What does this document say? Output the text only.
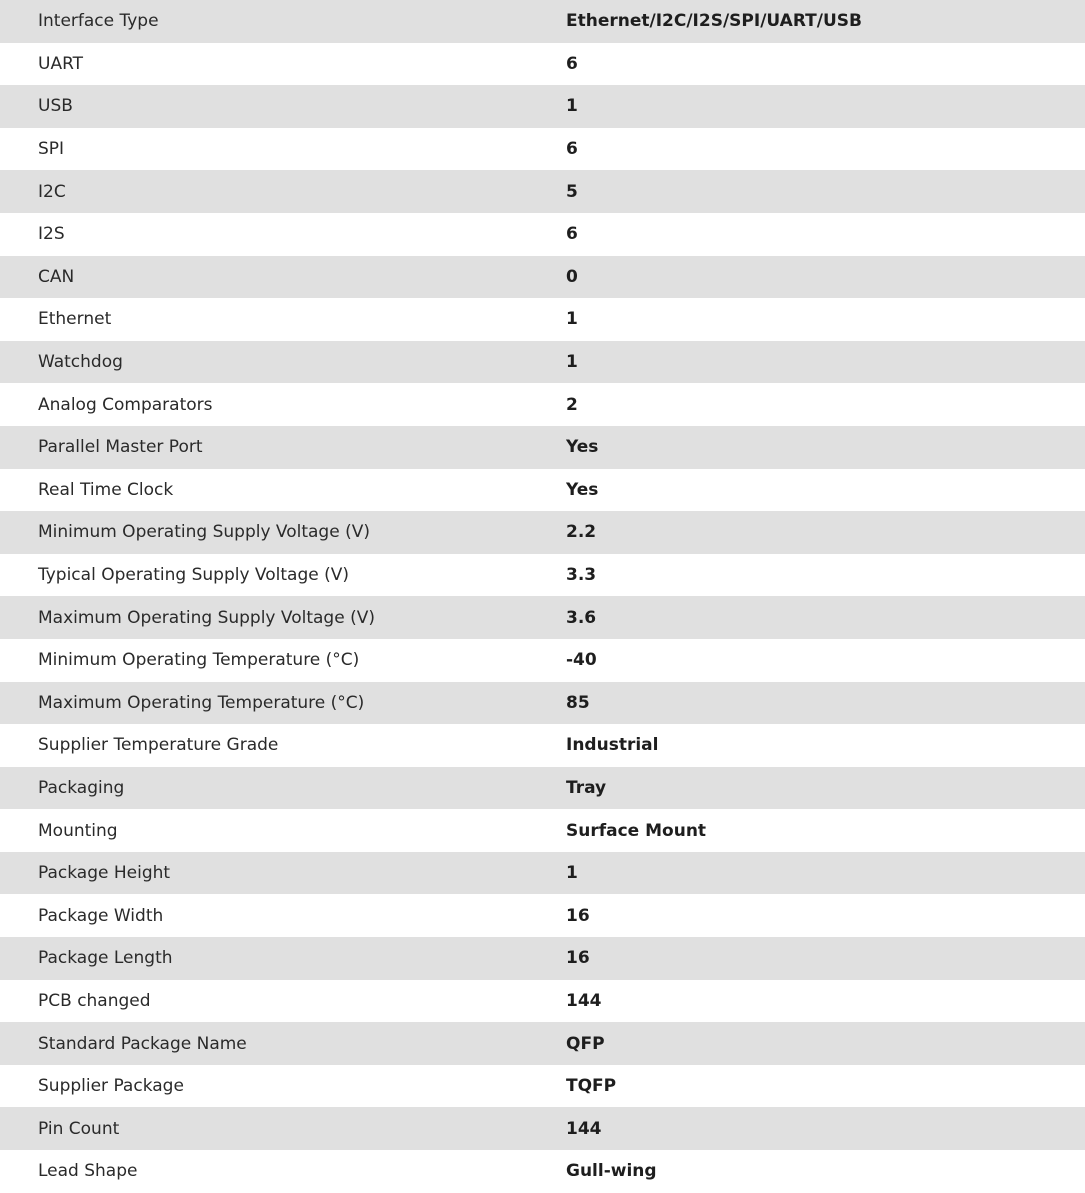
Interface Type	Ethernet/I2C/I2S/SPI/UART/USB
UART	6
USB	1
SPI	6
I2C	5
I2S	6
CAN	0
Ethernet	1
Watchdog	1
Analog Comparators	2
Parallel Master Port	Yes
Real Time Clock	Yes
Minimum Operating Supply Voltage (V)	2.2
Typical Operating Supply Voltage (V)	3.3
Maximum Operating Supply Voltage (V)	3.6
Minimum Operating Temperature (°C)	-40
Maximum Operating Temperature (°C)	85
Supplier Temperature Grade	Industrial
Packaging	Tray
Mounting	Surface Mount
Package Height	1
Package Width	16
Package Length	16
PCB changed	144
Standard Package Name	QFP
Supplier Package	TQFP
Pin Count	144
Lead Shape	Gull-wing
